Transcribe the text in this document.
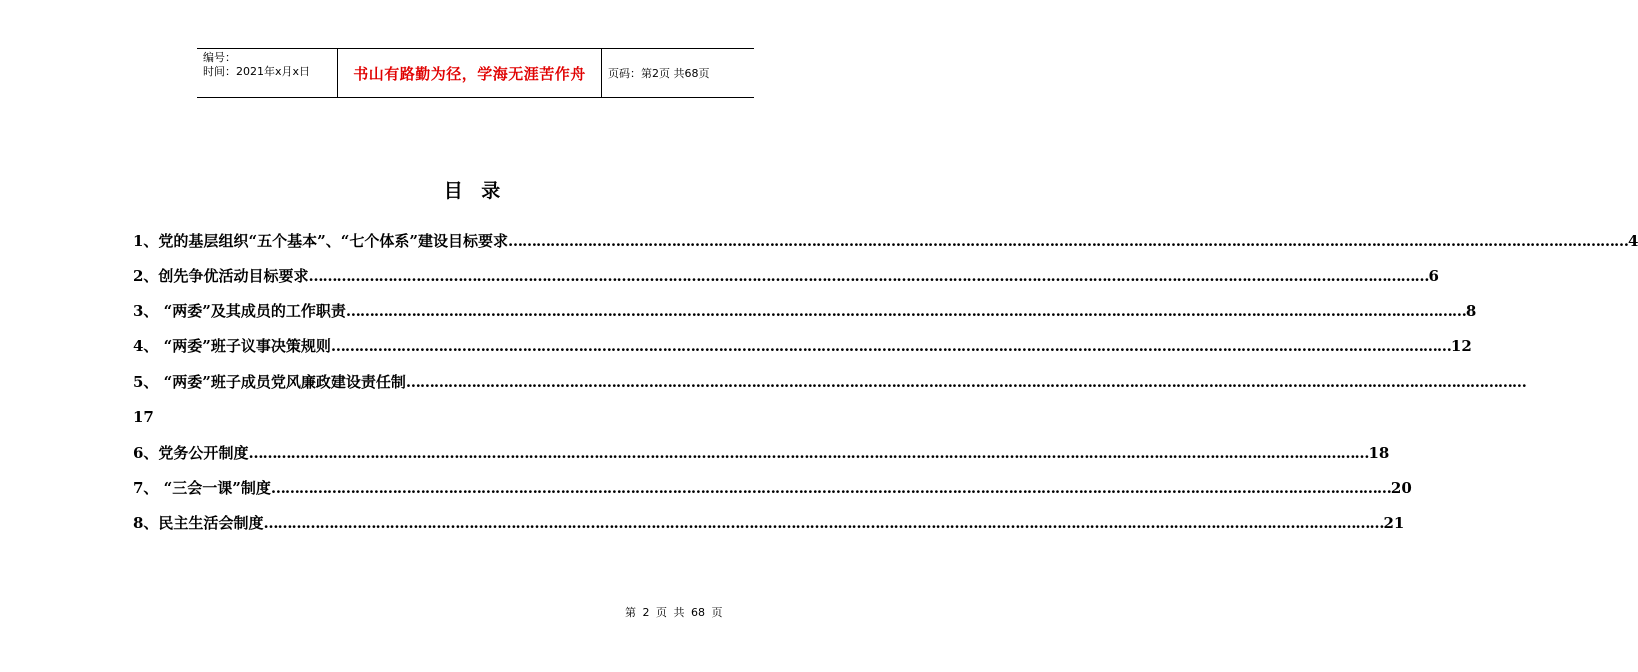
编号：
时间：2021年x月x日	书山有路勤为径，学海无涯苦作舟	页码：第2页 共68页
目 录
1、党的基层组织“五个基本”、“七个体系”建设目标要求 …………………………………………………………………………………………………………………………………………………………………………………………………………………… 4
2、创先争优活动目标要求 …………………………………………………………………………………………………………………………………………………………………………………………………………………… 6
3、 “两委”及其成员的工作职责 …………………………………………………………………………………………………………………………………………………………………………………………………………………… 8
4、 “两委”班子议事决策规则 …………………………………………………………………………………………………………………………………………………………………………………………………………………… 12
5、 “两委”班子成员党风廉政建设责任制 ……………………………………………………………………………………………………………………………………………………………………………………………………………………
6、党务公开制度 …………………………………………………………………………………………………………………………………………………………………………………………………………………… 18
7、 “三会一课”制度 …………………………………………………………………………………………………………………………………………………………………………………………………………………… 20
8、民主生活会制度 …………………………………………………………………………………………………………………………………………………………………………………………………………………… 21
17
第 2 页 共 68 页
